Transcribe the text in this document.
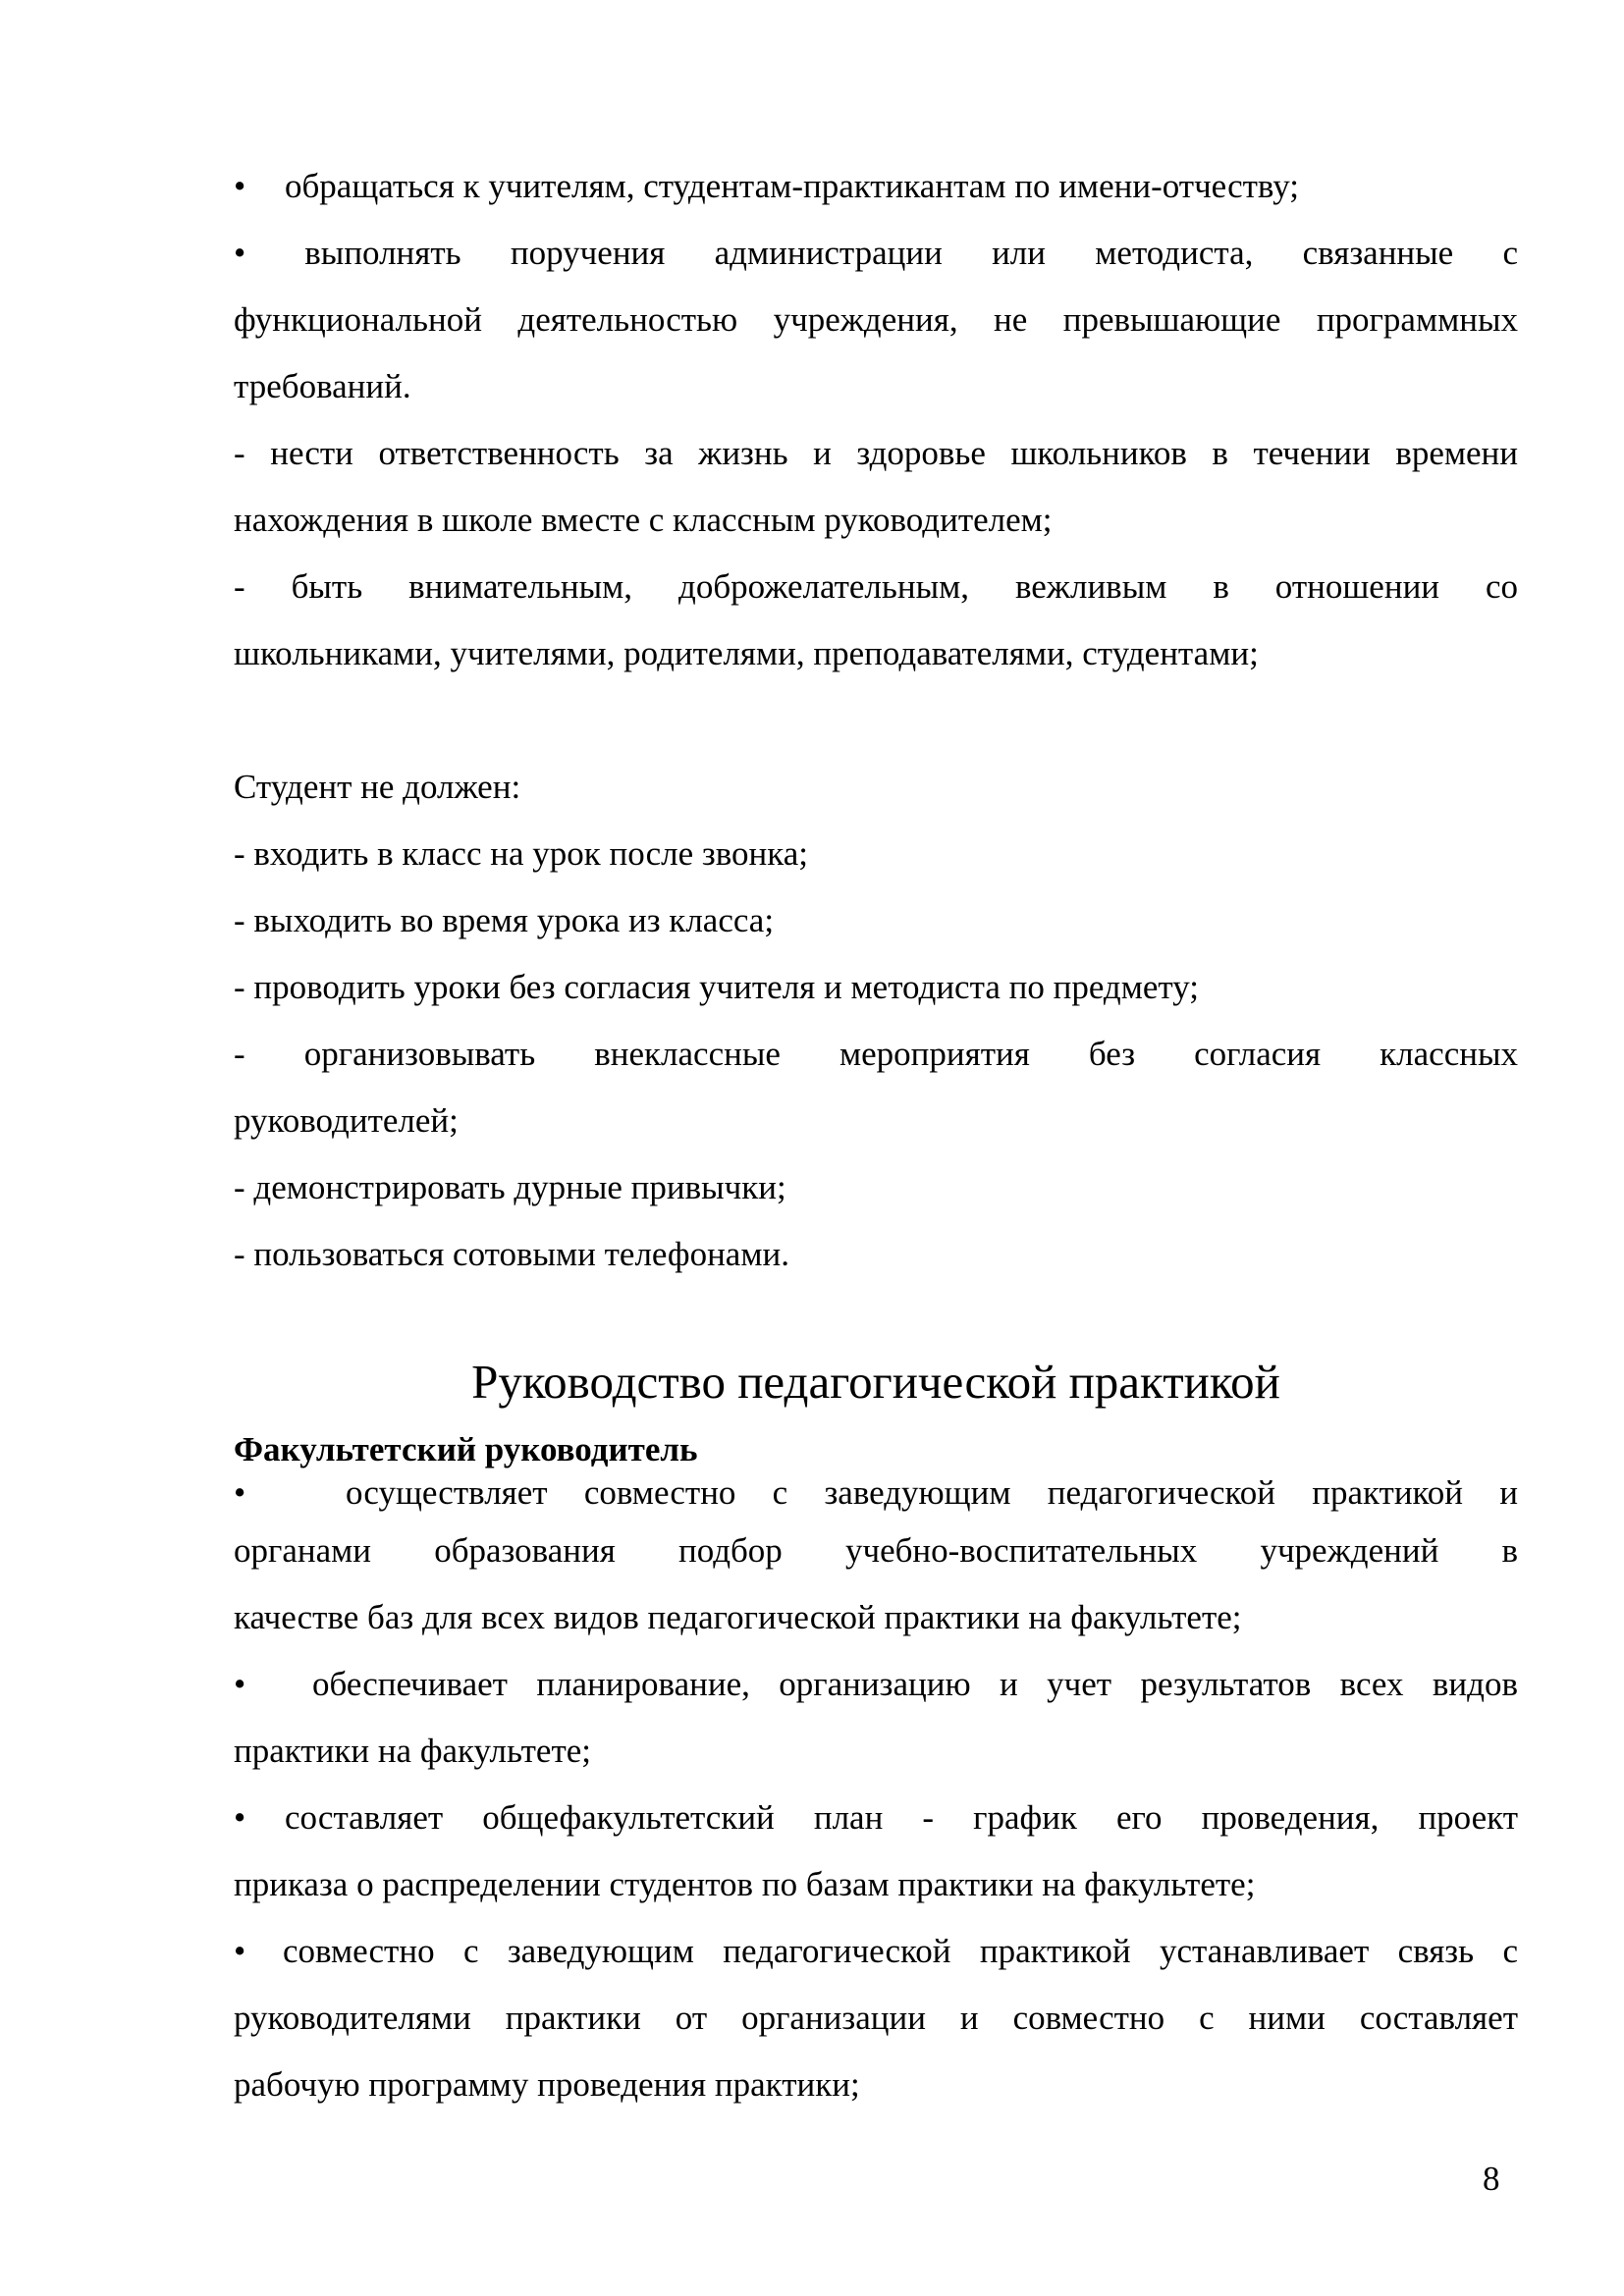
• обращаться к учителям, студентам-практикантам по имени-отчеству;
• выполнять поручения администрации или методиста, связанные с
функциональной деятельностью учреждения, не превышающие программных
требований.
- нести ответственность за жизнь и здоровье школьников в течении времени
нахождения в школе вместе с классным руководителем;
- быть внимательным, доброжелательным, вежливым в отношении со
школьниками, учителями, родителями, преподавателями, студентами;
Студент не должен:
- входить в класс на урок после звонка;
- выходить во время урока из класса;
- проводить уроки без согласия учителя и методиста по предмету;
- организовывать внеклассные мероприятия без согласия классных
руководителей;
- демонстрировать дурные привычки;
- пользоваться сотовыми телефонами.
Руководство педагогической практикой
Факультетский руководитель
•	осуществляет совместно с заведующим педагогической практикой и
органами образования подбор учебно-воспитательных учреждений в
качестве баз для всех видов педагогической практики на факультете;
• обеспечивает планирование, организацию и учет результатов всех видов
практики на факультете;
• составляет общефакультетский план - график его проведения, проект
приказа о распределении студентов по базам практики на факультете;
• совместно с заведующим педагогической практикой устанавливает связь с
руководителями практики от организации и совместно с ними составляет
рабочую программу проведения практики;
8
